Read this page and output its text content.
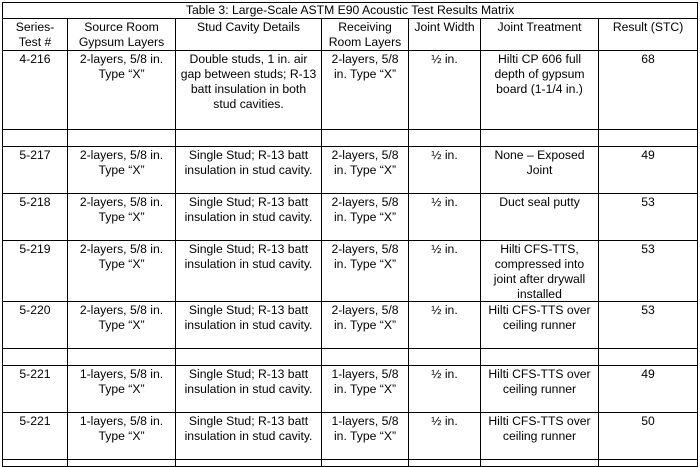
Table 3: Large-Scale ASTM E90 Acoustic Test Results Matrix						
Series-Test #	Source Room Gypsum Layers	Stud Cavity Details	Receiving Room Layers	Joint Width	Joint Treatment	Result (STC)

4-216	2-layers, 5/8 in. Type “X”	Double studs, 1 in. air gap between studs; R-13 batt insulation in both stud cavities.	2-layers, 5/8 in. Type “X”	½ in.	Hilti CP 606 full depth of gypsum board (1-1/4 in.)	68

5-217	2-layers, 5/8 in. Type “X”	Single Stud; R-13 batt insulation in stud cavity.	2-layers, 5/8 in. Type “X”	½ in.	None – Exposed Joint	49

5-218	2-layers, 5/8 in. Type “X”	Single Stud; R-13 batt insulation in stud cavity.	2-layers, 5/8 in. Type “X”	½ in.	Duct seal putty	53

5-219	2-layers, 5/8 in. Type “X”	Single Stud; R-13 batt insulation in stud cavity.	2-layers, 5/8 in. Type “X”	½ in.	Hilti CFS-TTS, compressed into joint after drywall installed	53

5-220	2-layers, 5/8 in. Type “X”	Single Stud; R-13 batt insulation in stud cavity.	2-layers, 5/8 in. Type “X”	½ in.	Hilti CFS-TTS over ceiling runner	53

5-221	1-layers, 5/8 in. Type “X”	Single Stud; R-13 batt insulation in stud cavity.	1-layers, 5/8 in. Type “X”	½ in.	Hilti CFS-TTS over ceiling runner	49

5-221	1-layers, 5/8 in. Type “X”	Single Stud; R-13 batt insulation in stud cavity.	1-layers, 5/8 in. Type “X”	½ in.	Hilti CFS-TTS over ceiling runner	50
